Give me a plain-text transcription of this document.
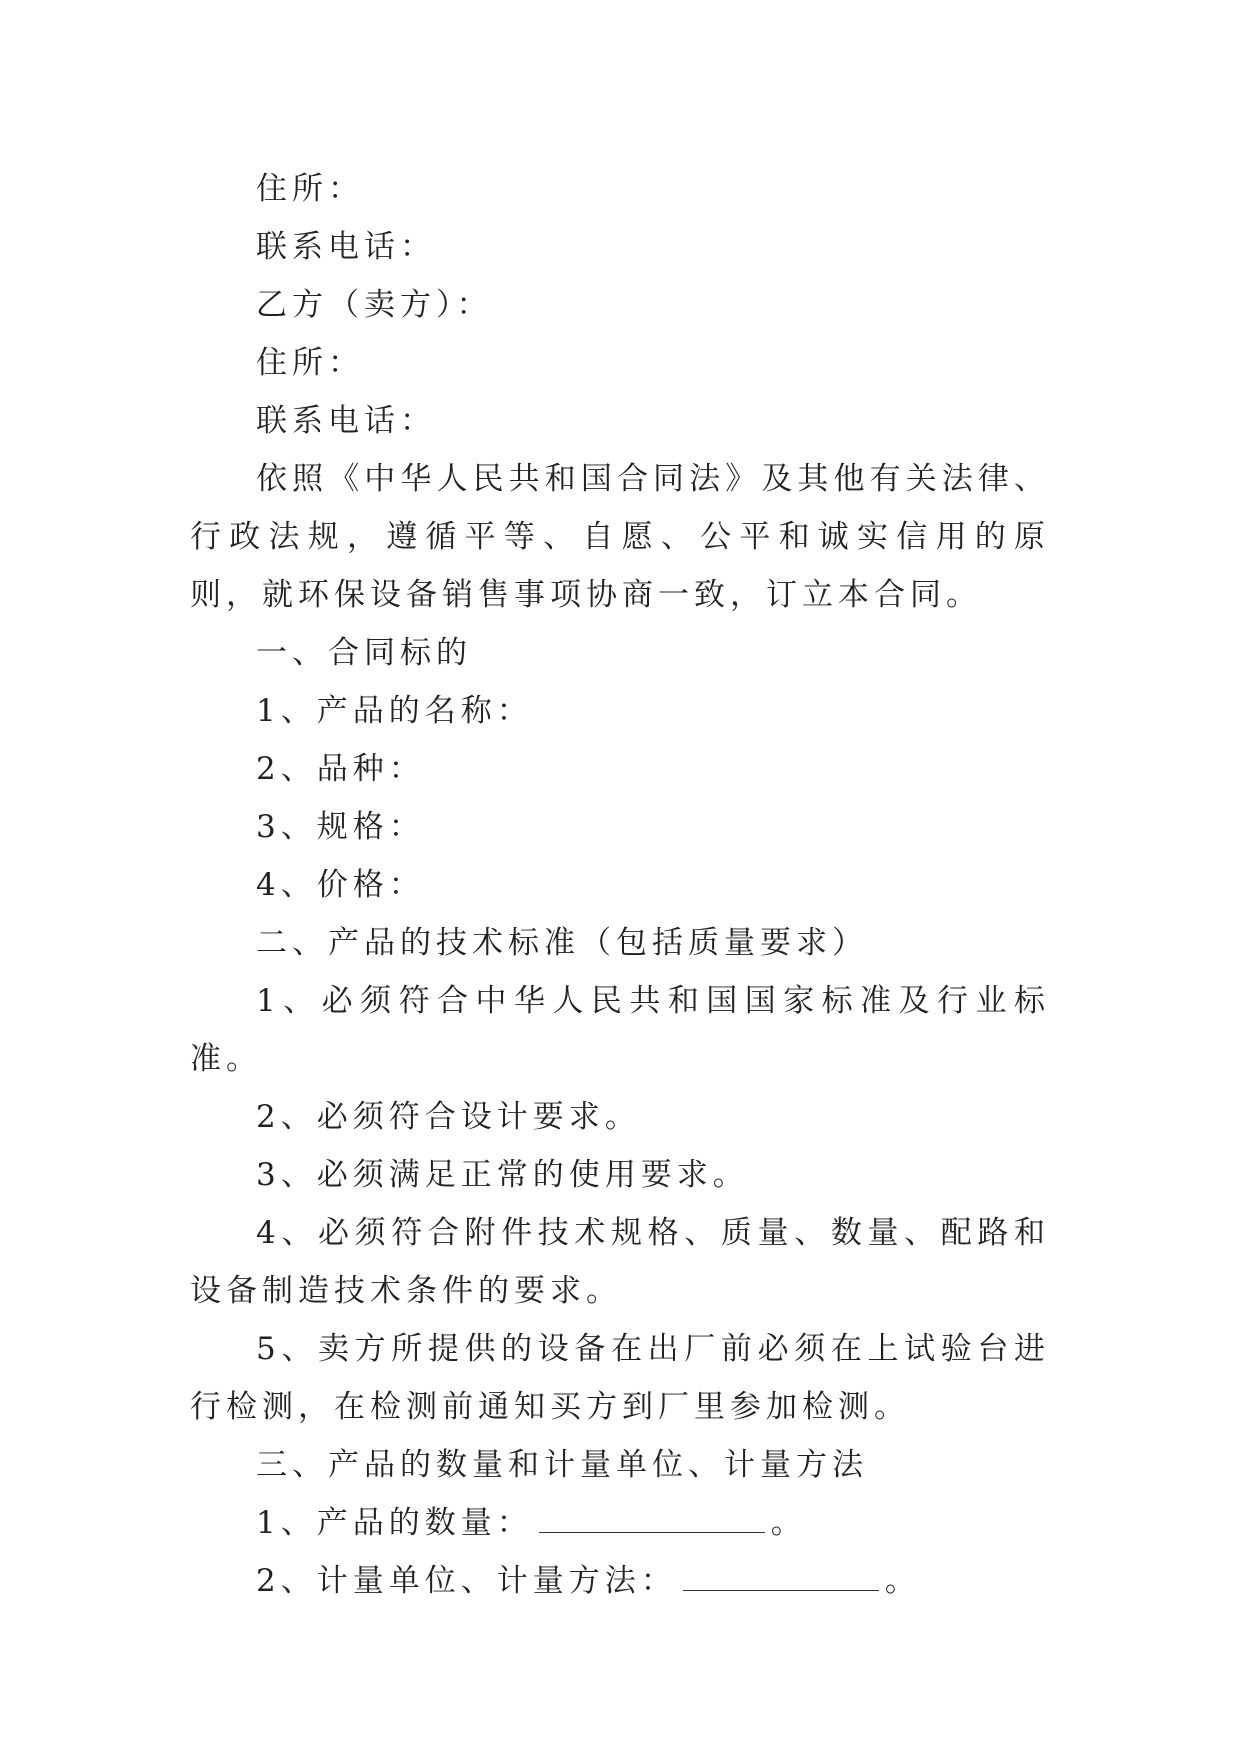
住所：

联系电话：

乙方（卖方）：

住所：

联系电话：

依照《中华人民共和国合同法》及其他有关法律、行政法规，遵循平等、自愿、公平和诚实信用的原则，就环保设备销售事项协商一致，订立本合同。

一、合同标的

1、产品的名称：

2、品种：

3、规格：

4、价格：

二、产品的技术标准（包括质量要求）

1、必须符合中华人民共和国国家标准及行业标准。

2、必须符合设计要求。

3、必须满足正常的使用要求。

4、必须符合附件技术规格、质量、数量、配路和设备制造技术条件的要求。

5、卖方所提供的设备在出厂前必须在上试验台进行检测，在检测前通知买方到厂里参加检测。

三、产品的数量和计量单位、计量方法

1、产品的数量：	。

2、计量单位、计量方法：	。
